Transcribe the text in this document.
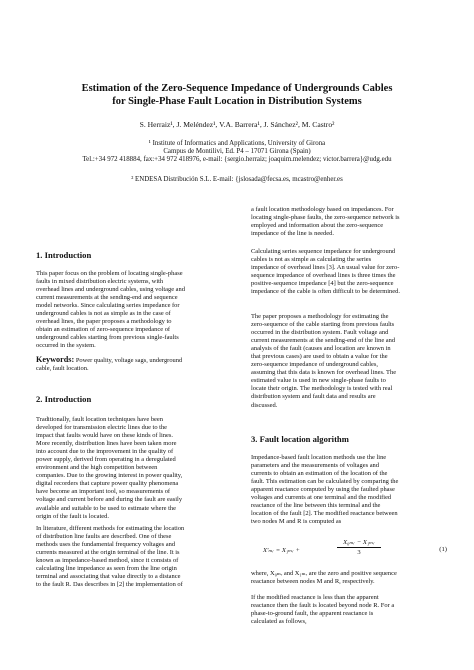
Estimation of the Zero-Sequence Impedance of Undergrounds Cables
for Single-Phase Fault Location in Distribution Systems
S. Herraiz¹, J. Meléndez¹, V.A. Barrera¹, J. Sánchez², M. Castro²
¹ Institute of Informatics and Applications, University of Girona
Campus de Montilivi, Ed. P4 – 17071 Girona (Spain)
Tel.:+34 972 418884, fax:+34 972 418976, e-mail: {sergio.herraiz; joaquim.melendez; victor.barrera}@udg.edu
² ENDESA Distribución S.L. E-mail: {jslosada@fecsa.es, mcastro@enher.es
1. Introduction
This paper focus on the problem of locating single-phase
faults in mixed distribution electric systems, with
overhead lines and underground cables, using voltage and
current measurements at the sending-end and sequence
model networks. Since calculating series impedance for
underground cables is not as simple as in the case of
overhead lines, the paper proposes a methodology to
obtain an estimation of zero-sequence impedance of
underground cables starting from previous single-faults
occurred in the system.
Keywords: Power quality, voltage sags, underground
cable, fault location.
2. Introduction
Traditionally, fault location techniques have been
developed for transmission electric lines due to the
impact that faults would have on these kinds of lines.
More recently, distribution lines have been taken more
into account due to the improvement in the quality of
power supply, derived from operating in a deregulated
environment and the high competition between
companies. Due to the growing interest in power quality,
digital recorders that capture power quality phenomena
have become an important tool, so measurements of
voltage and current before and during the fault are easily
available and suitable to be used to estimate where the
origin of the fault is located.
In literature, different methods for estimating the location
of distribution line faults are described. One of these
methods uses the fundamental frequency voltages and
currents measured at the origin terminal of the line. It is
known as impedance-based method, since it consists of
calculating line impedance as seen from the line origin
terminal and associating that value directly to a distance
to the fault R. Das describes in [2] the implementation of
a fault location methodology based on impedances. For
locating single-phase faults, the zero-sequence network is
employed and information about the zero-sequence
impedance of the line is needed.
Calculating series sequence impedance for underground
cables is not as simple as calculating the series
impedance of overhead lines [3]. An usual value for zero-
sequence impedance of overhead lines is three times the
positive-sequence impedance [4] but the zero-sequence
impedance of the cable is often difficult to be determined.
The paper proposes a methodology for estimating the
zero-sequence of the cable starting from previous faults
occurred in the distribution system. Fault voltage and
current measurements at the sending-end of the line and
analysis of the fault (causes and location are known in
that previous cases) are used to obtain a value for the
zero-sequence impedance of underground cables,
assuming that this data is known for overhead lines. The
estimated value is used in new single-phase faults to
locate their origin. The methodology is tested with real
distribution system and fault data and results are
discussed.
3. Fault location algorithm
Impedance-based fault location methods use the line
parameters and the measurements of voltages and
currents to obtain an estimation of the location of the
fault. This estimation can be calculated by comparing the
apparent reactance computed by using the faulted phase
voltages and currents at one terminal and the modified
reactance of the line between this terminal and the
location of the fault [2]. The modified reactance between
two nodes M and R is computed as
X'ₘᵣ = X₁ₘᵣ +	$\frac{\text{X₀ₘᵣ − X₁ₘᵣ}}{3}$	(1)
where, X₀ₘᵣ and X₁ₘᵣ are the zero and positive sequence
reactance between nodes M and R, respectively.
If the modified reactance is less than the apparent
reactance then the fault is located beyond node R. For a
phase-to-ground fault, the apparent reactance is
calculated as follows,
